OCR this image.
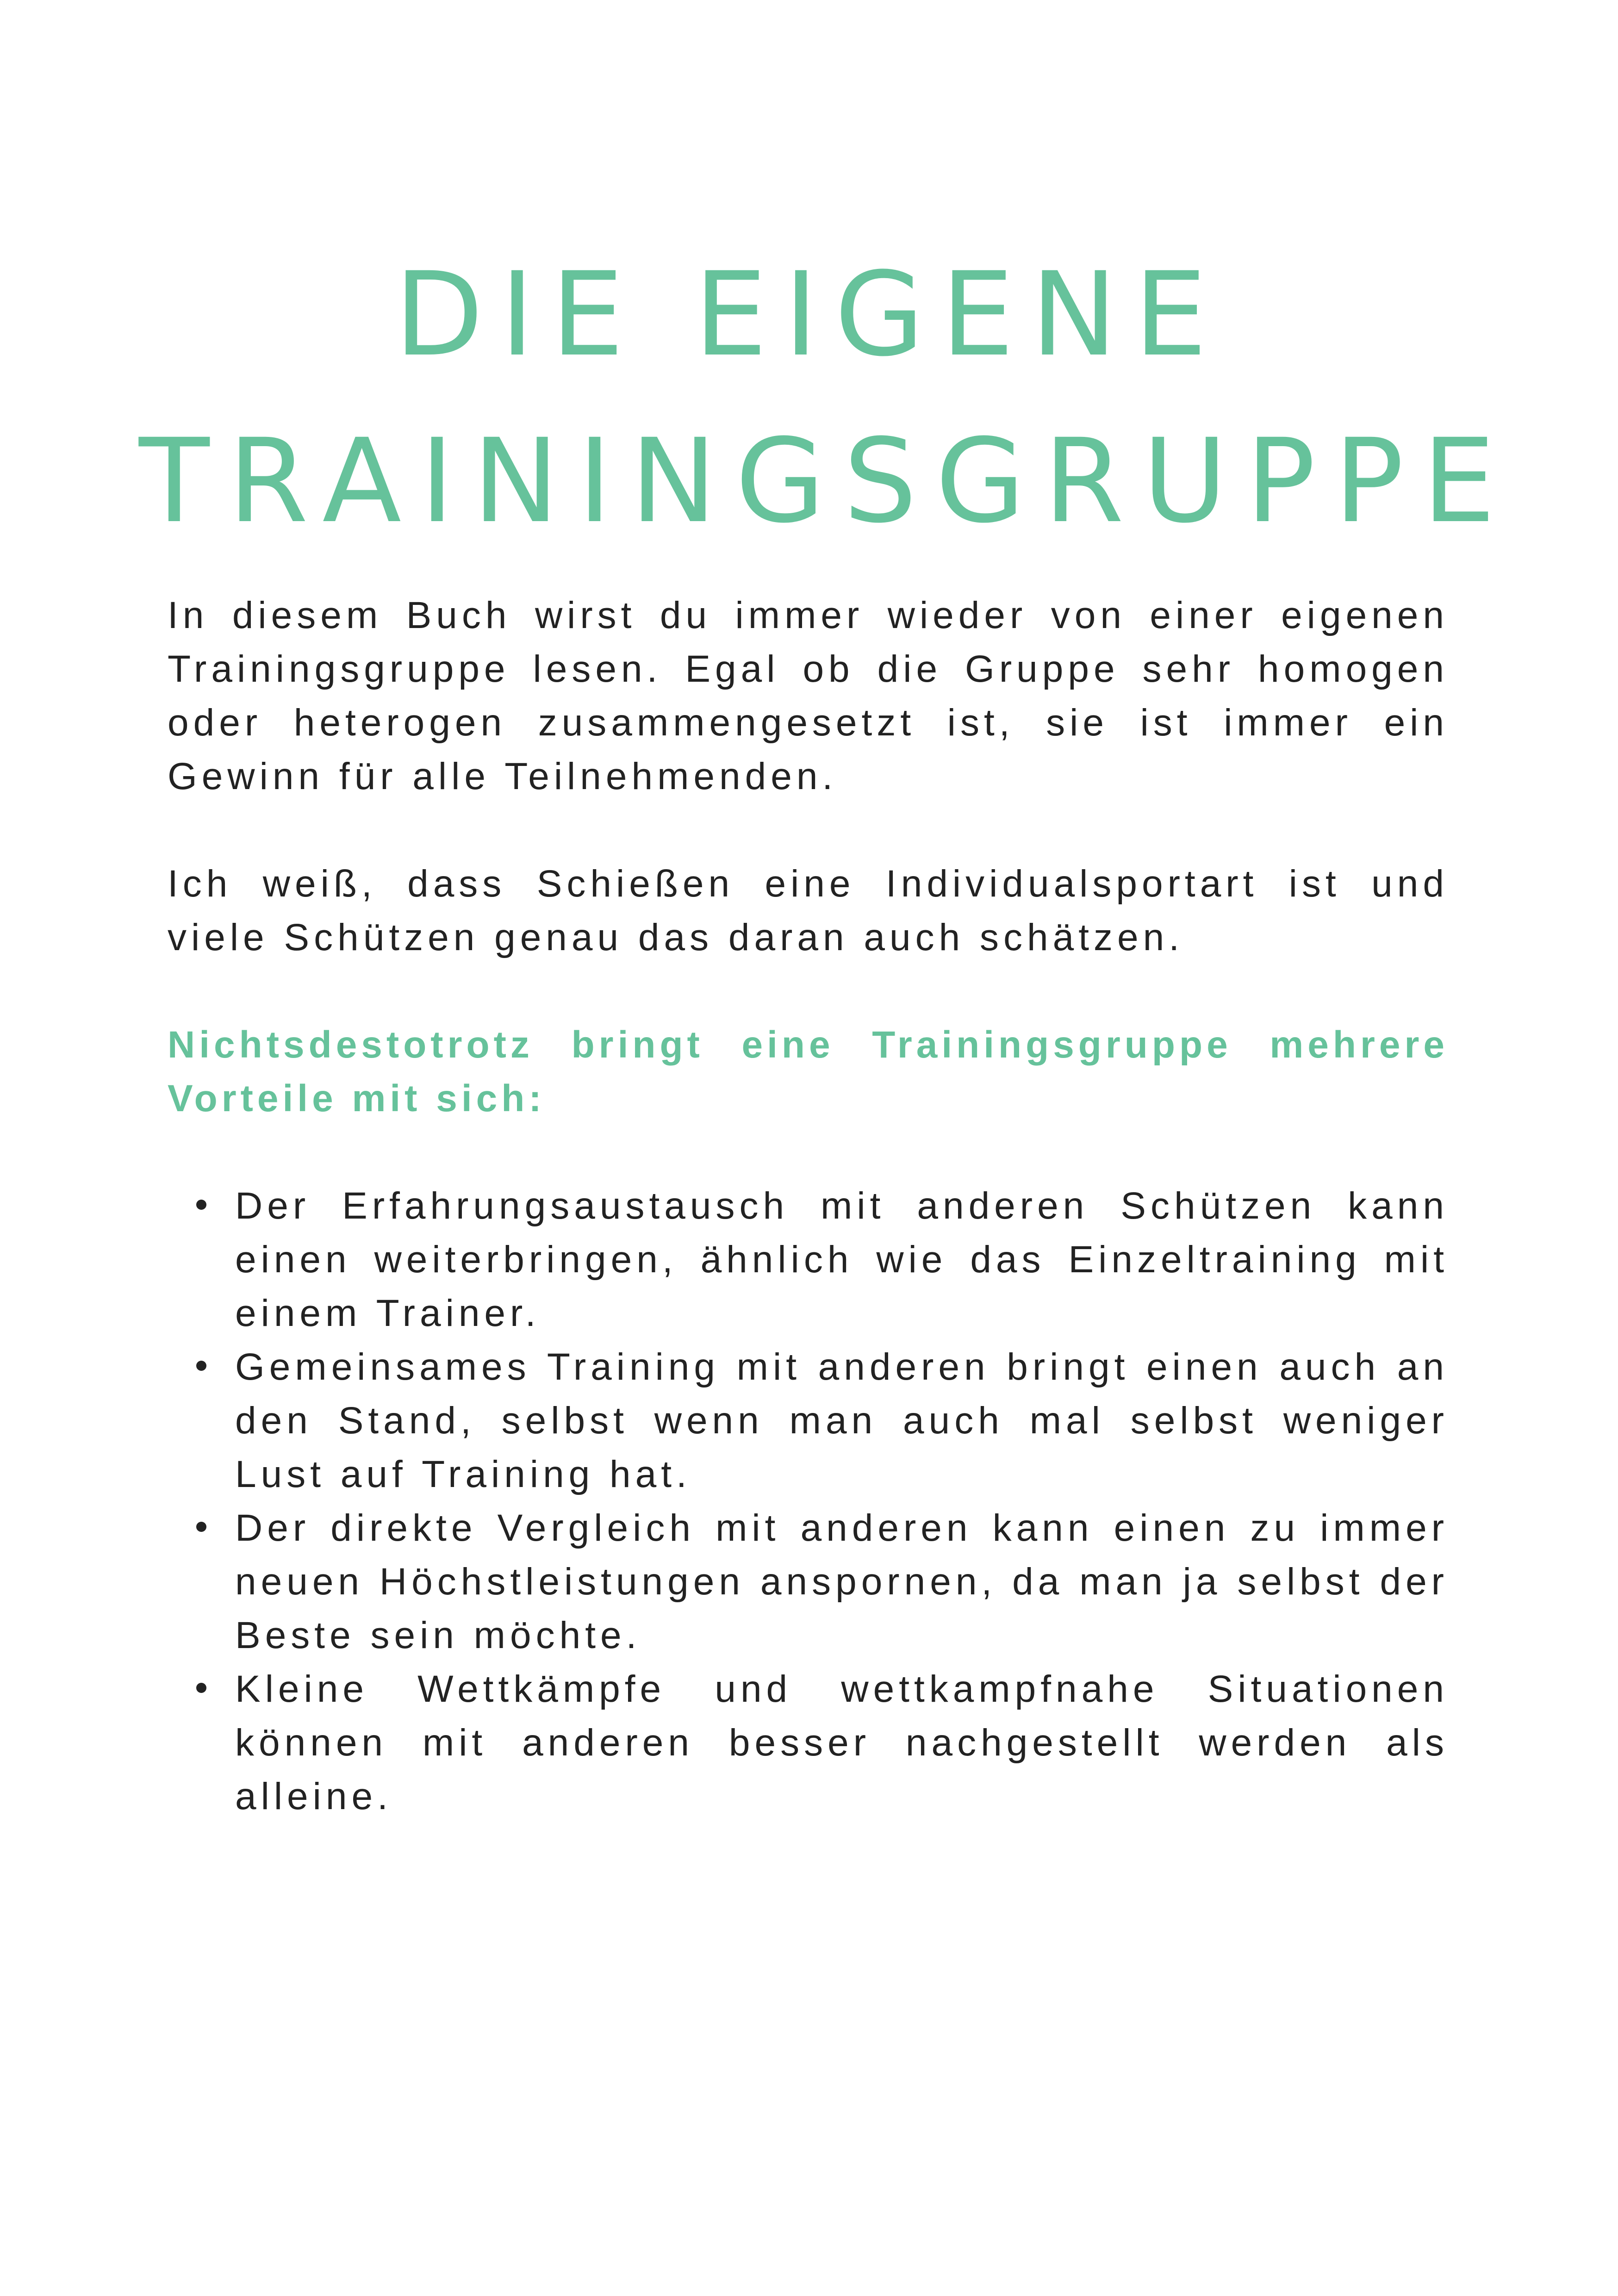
DIE EIGENE
TRAININGSGRUPPE

In diesem Buch wirst du immer wieder von einer eigenen Trainingsgruppe lesen. Egal ob die Gruppe sehr homogen oder heterogen zusammengesetzt ist, sie ist immer ein Gewinn für alle Teilnehmenden.

Ich weiß, dass Schießen eine Individualsportart ist und viele Schützen genau das daran auch schätzen.

Nichtsdestotrotz bringt eine Trainingsgruppe mehrere Vorteile mit sich:

Der Erfahrungsaustausch mit anderen Schützen kann einen weiterbringen, ähnlich wie das Einzeltraining mit einem Trainer.
Gemeinsames Training mit anderen bringt einen auch an den Stand, selbst wenn man auch mal selbst weniger Lust auf Training hat.
Der direkte Vergleich mit anderen kann einen zu immer neuen Höchstleistungen anspornen, da man ja selbst der Beste sein möchte.
Kleine Wettkämpfe und wettkampfnahe Situationen können mit anderen besser nachgestellt werden als alleine.
